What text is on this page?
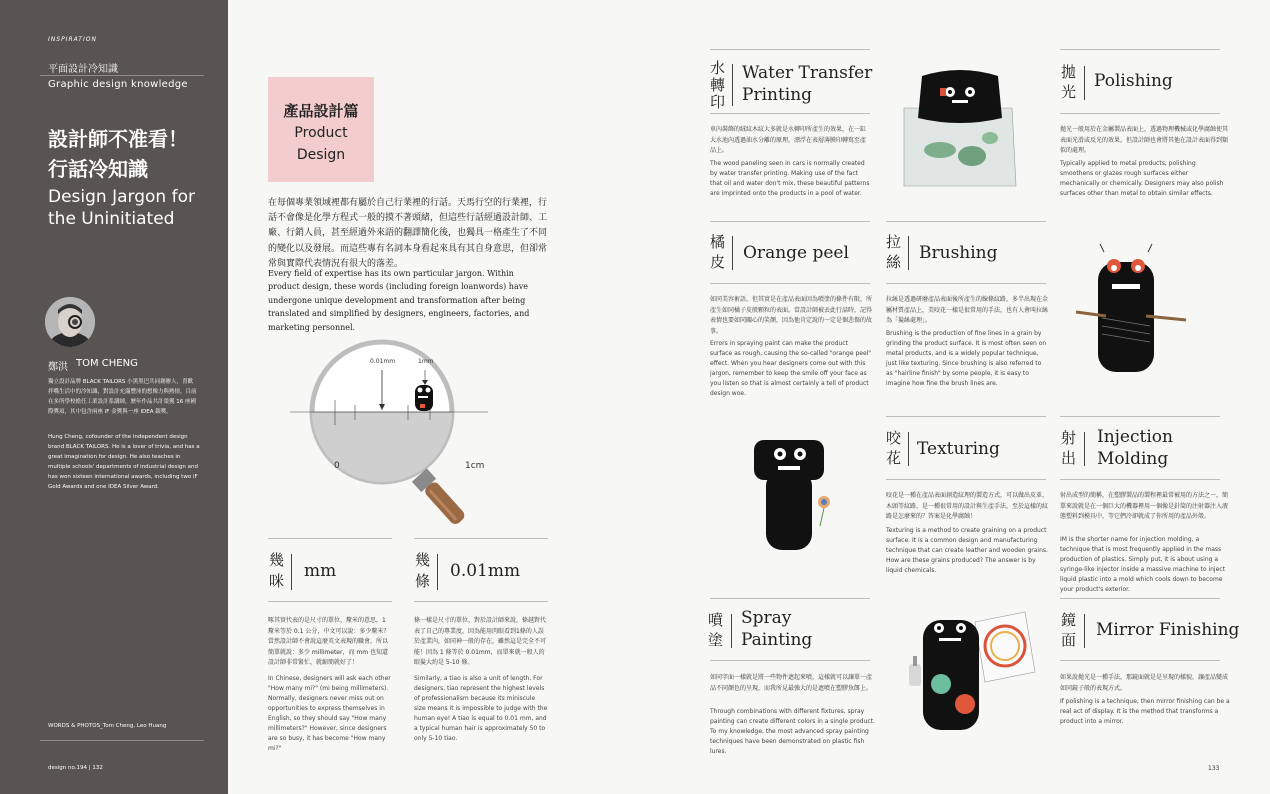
INSPIRATION
平面設計冷知識
Graphic design knowledge
設計師不准看！
行話冷知識
Design Jargon for
the Uninitiated
鄭洪 TOM CHENG
獨立設計品牌 BLACK TAILORS 小黑黑巴共同創辦人，喜歡拌嘴生活中的冷知識，對設計充滿豐沛的想像力與熱情，目前在多所學校擔任工業設計系講師，歷年作品共計榮獲 16 座國際獎項，其中包含兩座 iF 金獎與一座 IDEA 銀獎。
Hung Cheng, cofounder of the independent design brand BLACK TAILORS. He is a lover of trivia, and has a great imagination for design. He also teaches in multiple schools' departments of industrial design and has won sixteen international awards, including two iF Gold Awards and one IDEA Silver Award.
WORDS & PHOTOS_Tom Cheng, Leo Huang
design no.194 | 132
產品設計篇
Product
Design
在每個專業領域裡都有屬於自己行業裡的行話。天馬行空的行業裡，行話不會像是化學方程式一般的摸不著頭緒，但這些行話經過設計師、工廠、行銷人員，甚至經過外來語的翻譯簡化後，也獨具一格產生了不同的變化以及發展。而這些專有名詞本身看起來具有其自身意思，但卻常常與實際代表情況有很大的落差。
Every field of expertise has its own particular jargon. Within product design, these words (including foreign loanwords) have undergone unique development and transformation after being translated and simplified by designers, engineers, factories, and marketing personnel.
0.01mm	1mm
0	1cm
幾
咪 mm
啄其實代表的是尺寸的單位，釐米的意思，1 釐米等於 0.1 公分，中文可以說：多少釐米？當然設計師不會說這麼英文表現的職會，所以簡單就說：多少 millimeter，而 mm 也知道設計師非常緊忙，就縮簡就好了！
In Chinese, designers will ask each other "How many mi?" (mi being millimeters). Normally, designers never miss out on opportunities to express themselves in English, so they should say "How many millimeters?" However, since designers are so busy, it has become "How many mi?"
幾
條 0.01mm
條一樣是尺寸的單位，對於設計師來說，條越對代表了自己的專業度，因為能用肉眼看到1條的人誤於產業內，如同神一般的存在，雖然這是完全不可能！因為 1 條等於 0.01mm，而單來就一般人的眼髮大約是 5-10 條。
Similarly, a tiao is also a unit of length. For designers, tiao represent the highest levels of professionalism because its miniscule size means it is impossible to judge with the human eye! A tiao is equal to 0.01 mm, and a typical human hair is approximately 50 to only 5-10 tiao.
水
轉
印
Water Transfer
Printing
車內裝飾的絨紋木紋大多就是水轉印所產生的效果，在一缸大水池內透過油水分離的原理，漂浮在表層薄膜印轉寫至產品上。
The wood paneling seen in cars is normally created by water transfer printing. Making use of the fact that oil and water don't mix, these beautiful patterns are imprinted onto the products in a pool of water.
拋
光
Polishing
拋光一般用於在金屬製品表面上，透過物理機械或化學腐蝕使其表面光滑或反光的效果，但設計師也會將其他在設計表面得到類似的處理。
Typically applied to metal products, polishing smoothens or glazes rough surfaces either mechanically or chemically. Designers may also polish surfaces other than metal to obtain similar effects.
橘
皮 Orange peel
如同美容術語，但其實是在產品表面因為噴塗的條件有限，所產生如同橘子皮般顆粒的表面。當設計師被丟此行話時，記得表情也要如同關心的笑顏，因為他肯定說的一定是個悲傷的故事。
Errors in spraying paint can make the product surface as rough, causing the so-called "orange peel" effect. When you hear designers come out with this jargon, remember to keep the smile off your face as you listen so that is almost certainly a tell of product design woe.
拉
絲 Brushing
拉絲是透過研磨產品表面後所產生的線條紋路，多半出現在金屬材質產品上，美咬花一樣是很常用的手法，也有人會叫拉絲為「髮絲處理」。
Brushing is the production of fine lines in a grain by grinding the product surface. It is most often seen on metal products, and is a widely popular technique, just like texturing. Since brushing is also referred to as "hairline finish" by some people, it is easy to imagine how fine the brush lines are.
咬
花 Texturing
咬花是一種在產品表面創造紋理的製造方式，可以做出皮革、木頭等紋路，是一種很常用的設計與生產手法，至於這樣的紋路是怎麼來的？答案是化學腐蝕！
Texturing is a method to create graining on a product surface. It is a common design and manufacturing technique that can create leather and wooden grains. How are these grains produced? The answer is by liquid chemicals.
射
出
Injection
Molding
射出成型的簡稱，在塑膠製品的製程裡最常被用的方法之一，簡單來說就是在一個巨大的機器裡用一個像是針筒的注射器注入液態塑料到模具中，等它們冷卻就成了你所用的產品外殼。
IM is the shorter name for injection molding, a technique that is most frequently applied in the mass production of plastics. Simply put, it is about using a syringe-like injector inside a massive machine to inject liquid plastic into a mold which cools down to become your product's exterior.
噴
塗
Spray
Painting
如同字面一樣就是將一些物件遮起來噴，這樣就可以讓單一產品不同顏色的呈現，而我所見最強大的是遮噴在塑膠魚餌上。
Through combinations with different fixtures, spray painting can create different colors in a single product. To my knowledge, the most advanced spray painting techniques have been demonstrated on plastic fish lures.
鏡
面 Mirror Finishing
如果說拋光是一種手法，那鏡面就是是呈現的樣貌，讓產品變成如同鏡子般的表現方式。
If polishing is a technique, then mirror finishing can be a real act of display. It is the method that transforms a product into a mirror.
133
